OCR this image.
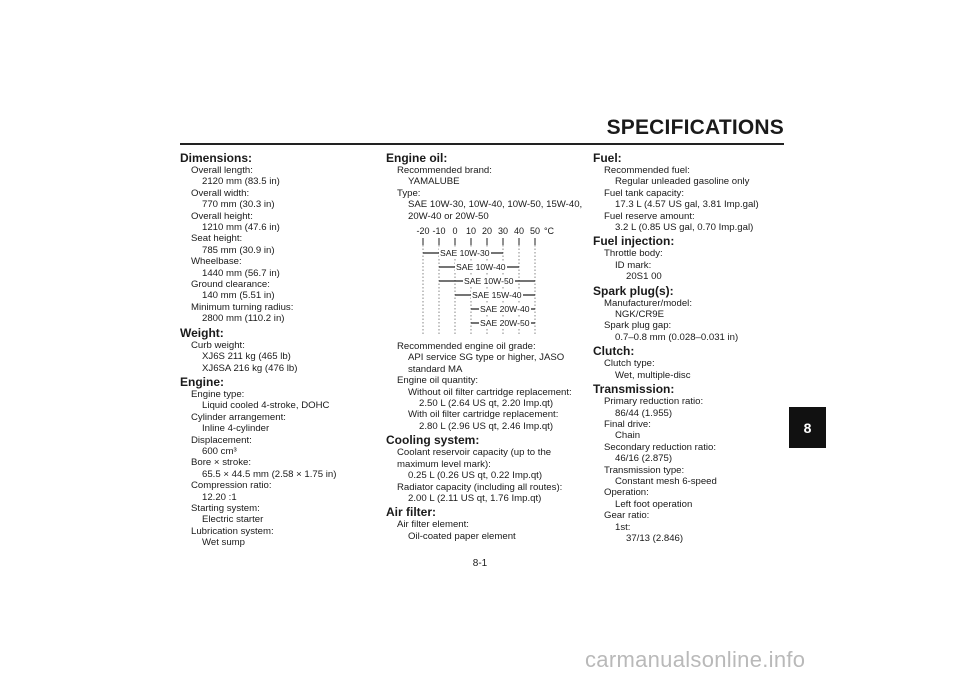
SPECIFICATIONS
Dimensions:
Overall length:
2120 mm (83.5 in)
Overall width:
770 mm (30.3 in)
Overall height:
1210 mm (47.6 in)
Seat height:
785 mm (30.9 in)
Wheelbase:
1440 mm (56.7 in)
Ground clearance:
140 mm (5.51 in)
Minimum turning radius:
2800 mm (110.2 in)
Weight:
Curb weight:
XJ6S 211 kg (465 lb)
XJ6SA 216 kg (476 lb)
Engine:
Engine type:
Liquid cooled 4-stroke, DOHC
Cylinder arrangement:
Inline 4-cylinder
Displacement:
600 cm³
Bore × stroke:
65.5 × 44.5 mm (2.58 × 1.75 in)
Compression ratio:
12.20 :1
Starting system:
Electric starter
Lubrication system:
Wet sump
Engine oil:
Recommended brand:
YAMALUBE
Type:
SAE 10W-30, 10W-40, 10W-50, 15W-40,
20W-40 or 20W-50
-20 -10 0 10 20 30 40 50 °C
SAE 10W-30
SAE 10W-40
SAE 10W-50
SAE 15W-40
SAE 20W-40
SAE 20W-50
Recommended engine oil grade:
API service SG type or higher, JASO
standard MA
Engine oil quantity:
Without oil filter cartridge replacement:
2.50 L (2.64 US qt, 2.20 Imp.qt)
With oil filter cartridge replacement:
2.80 L (2.96 US qt, 2.46 Imp.qt)
Cooling system:
Coolant reservoir capacity (up to the
maximum level mark):
0.25 L (0.26 US qt, 0.22 Imp.qt)
Radiator capacity (including all routes):
2.00 L (2.11 US qt, 1.76 Imp.qt)
Air filter:
Air filter element:
Oil-coated paper element
Fuel:
Recommended fuel:
Regular unleaded gasoline only
Fuel tank capacity:
17.3 L (4.57 US gal, 3.81 Imp.gal)
Fuel reserve amount:
3.2 L (0.85 US gal, 0.70 Imp.gal)
Fuel injection:
Throttle body:
ID mark:
20S1 00
Spark plug(s):
Manufacturer/model:
NGK/CR9E
Spark plug gap:
0.7–0.8 mm (0.028–0.031 in)
Clutch:
Clutch type:
Wet, multiple-disc
Transmission:
Primary reduction ratio:
86/44 (1.955)
Final drive:
Chain
Secondary reduction ratio:
46/16 (2.875)
Transmission type:
Constant mesh 6-speed
Operation:
Left foot operation
Gear ratio:
1st:
37/13 (2.846)
8
8-1
carmanualsonline.info
